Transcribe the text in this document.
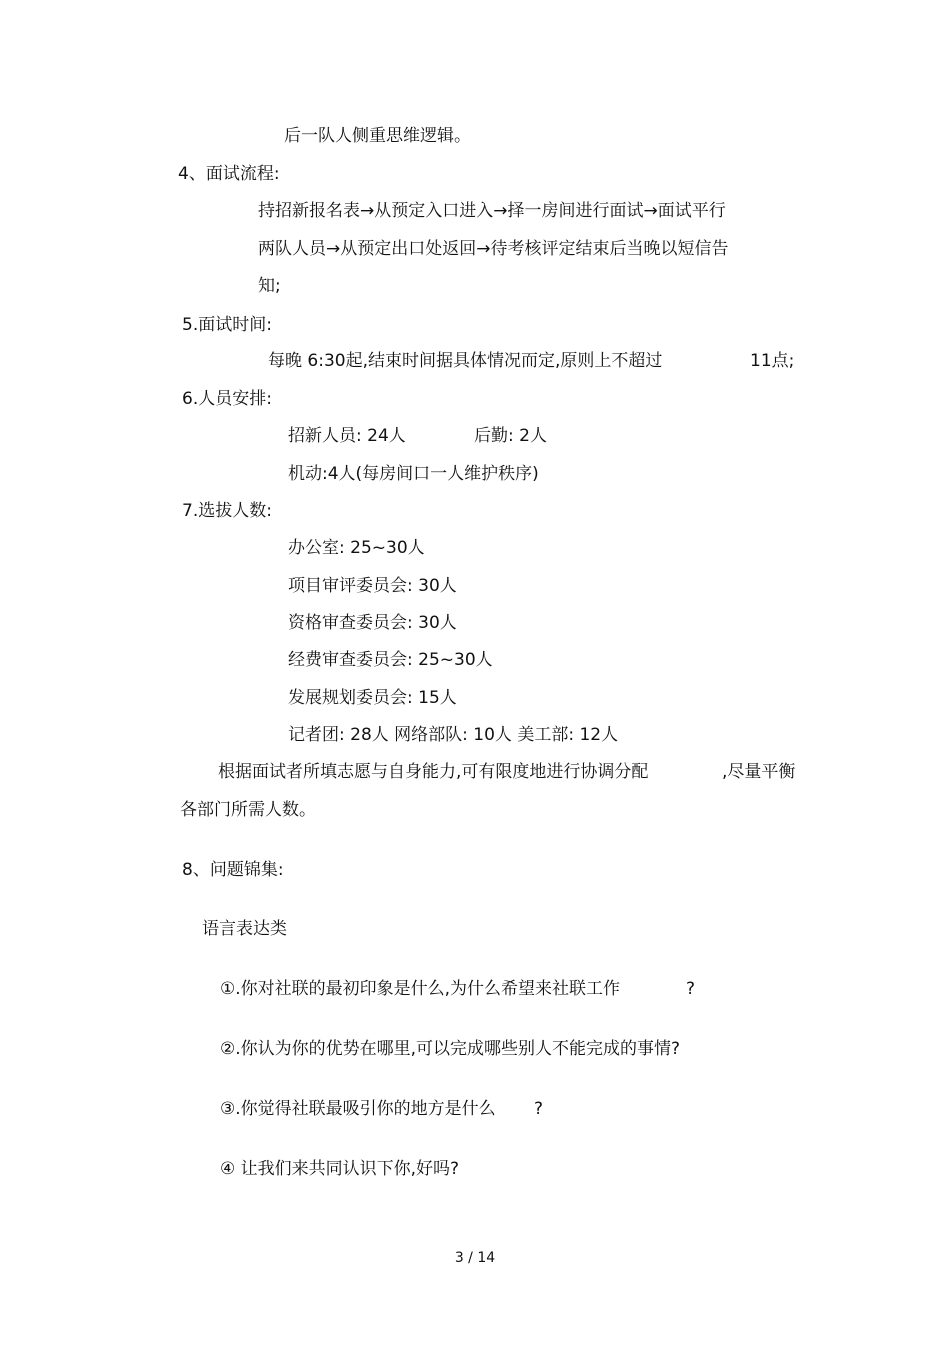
后一队人侧重思维逻辑。
4、面试流程:
持招新报名表→从预定入口进入→择一房间进行面试→面试平行
两队人员→从预定出口处返回→待考核评定结束后当晚以短信告
知;
5.面试时间:
每晚 6:30起,结束时间据具体情况而定,原则上不超过	11点;
6.人员安排:
招新人员: 24人	后勤: 2人
机动:4人(每房间口一人维护秩序)
7.选拔人数:
办公室: 25~30人
项目审评委员会: 30人
资格审查委员会: 30人
经费审查委员会: 25~30人
发展规划委员会: 15人
记者团: 28人 网络部队: 10人 美工部: 12人
根据面试者所填志愿与自身能力,可有限度地进行协调分配	,尽量平衡
各部门所需人数。
8、问题锦集:
语言表达类
①.你对社联的最初印象是什么,为什么希望来社联工作	?
②.你认为你的优势在哪里,可以完成哪些别人不能完成的事情?
③.你觉得社联最吸引你的地方是什么 ?
④ 让我们来共同认识下你,好吗?
3 / 14
